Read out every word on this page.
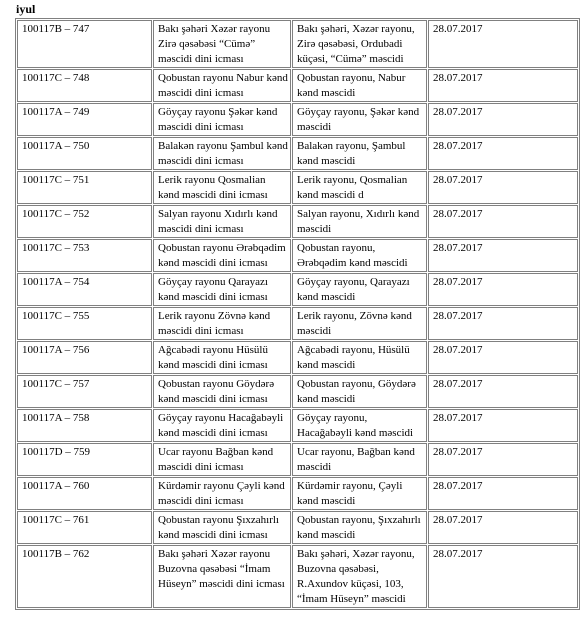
iyul
100117B – 747	Bakı şəhəri Xəzər rayonu Zirə qəsəbəsi “Cümə” məscidi dini icması	Bakı şəhəri, Xəzər rayonu, Zirə qəsəbəsi, Ordubadi küçəsi, “Cümə” məscidi	28.07.2017
100117C – 748	Qobustan rayonu Nabur kənd məscidi dini icması	Qobustan rayonu, Nabur kənd məscidi	28.07.2017
100117A – 749	Göyçay rayonu Şəkər kənd məscidi dini icması	Göyçay rayonu, Şəkər kənd məscidi	28.07.2017
100117A – 750	Balakən rayonu Şambul kənd məscidi dini icması	Balakən rayonu, Şambul kənd məscidi	28.07.2017
100117C – 751	Lerik rayonu Qosmalian kənd məscidi dini icması	Lerik rayonu, Qosmalian kənd məscidi d	28.07.2017
100117C – 752	Salyan rayonu Xıdırlı kənd məscidi dini icması	Salyan rayonu, Xıdırlı kənd məscidi	28.07.2017
100117C – 753	Qobustan rayonu Ərəbqədim kənd məscidi dini icması	Qobustan rayonu, Ərəbqədim kənd məscidi	28.07.2017
100117A – 754	Göyçay rayonu Qarayazı kənd məscidi dini icması	Göyçay rayonu, Qarayazı kənd məscidi	28.07.2017
100117C – 755	Lerik rayonu Zövnə kənd məscidi dini icması	Lerik rayonu, Zövnə kənd məscidi	28.07.2017
100117A – 756	Ağcabədi rayonu Hüsülü kənd məscidi dini icması	Ağcabədi rayonu, Hüsülü kənd məscidi	28.07.2017
100117C – 757	Qobustan rayonu Göydərə kənd məscidi dini icması	Qobustan rayonu, Göydərə kənd məscidi	28.07.2017
100117A – 758	Göyçay rayonu Hacağabəyli kənd məscidi dini icması	Göyçay rayonu, Hacağabəyli kənd məscidi	28.07.2017
100117D – 759	Ucar rayonu Bağban kənd məscidi dini icması	Ucar rayonu, Bağban kənd məscidi	28.07.2017
100117A – 760	Kürdəmir rayonu Çəyli kənd məscidi dini icması	Kürdəmir rayonu, Çəyli kənd məscidi	28.07.2017
100117C – 761	Qobustan rayonu Şıxzahırlı kənd məscidi dini icması	Qobustan rayonu, Şıxzahırlı kənd məscidi	28.07.2017
100117B – 762	Bakı şəhəri Xəzər rayonu Buzovna qəsəbəsi “İmam Hüseyn” məscidi dini icması	Bakı şəhəri, Xəzər rayonu, Buzovna qəsəbəsi, R.Axundov küçəsi, 103, “İmam Hüseyn” məscidi	28.07.2017
